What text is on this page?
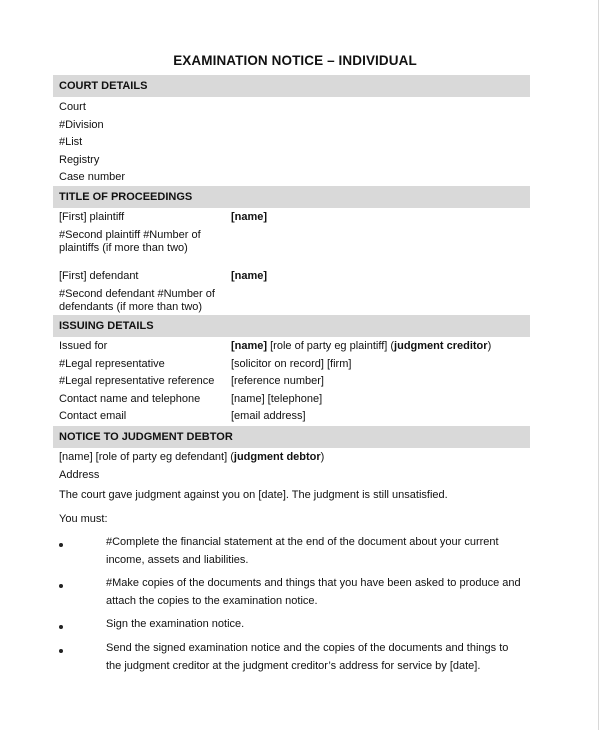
EXAMINATION NOTICE – INDIVIDUAL
COURT DETAILS
Court
#Division
#List
Registry
Case number
TITLE OF PROCEEDINGS
[First] plaintiff	[name]
#Second plaintiff #Number of
plaintiffs (if more than two)
[First] defendant	[name]
#Second defendant #Number of
defendants (if more than two)
ISSUING DETAILS
Issued for	[name] [role of party eg plaintiff] (judgment creditor)
#Legal representative	[solicitor on record] [firm]
#Legal representative reference [reference number]
Contact name and telephone	[name] [telephone]
Contact email	[email address]
NOTICE TO JUDGMENT DEBTOR
[name] [role of party eg defendant] (judgment debtor)
Address
The court gave judgment against you on [date]. The judgment is still unsatisfied.
You must:
#Complete the financial statement at the end of the document about your current income, assets and liabilities.
#Make copies of the documents and things that you have been asked to produce and attach the copies to the examination notice.
Sign the examination notice.
Send the signed examination notice and the copies of the documents and things to the judgment creditor at the judgment creditor’s address for service by [date].
